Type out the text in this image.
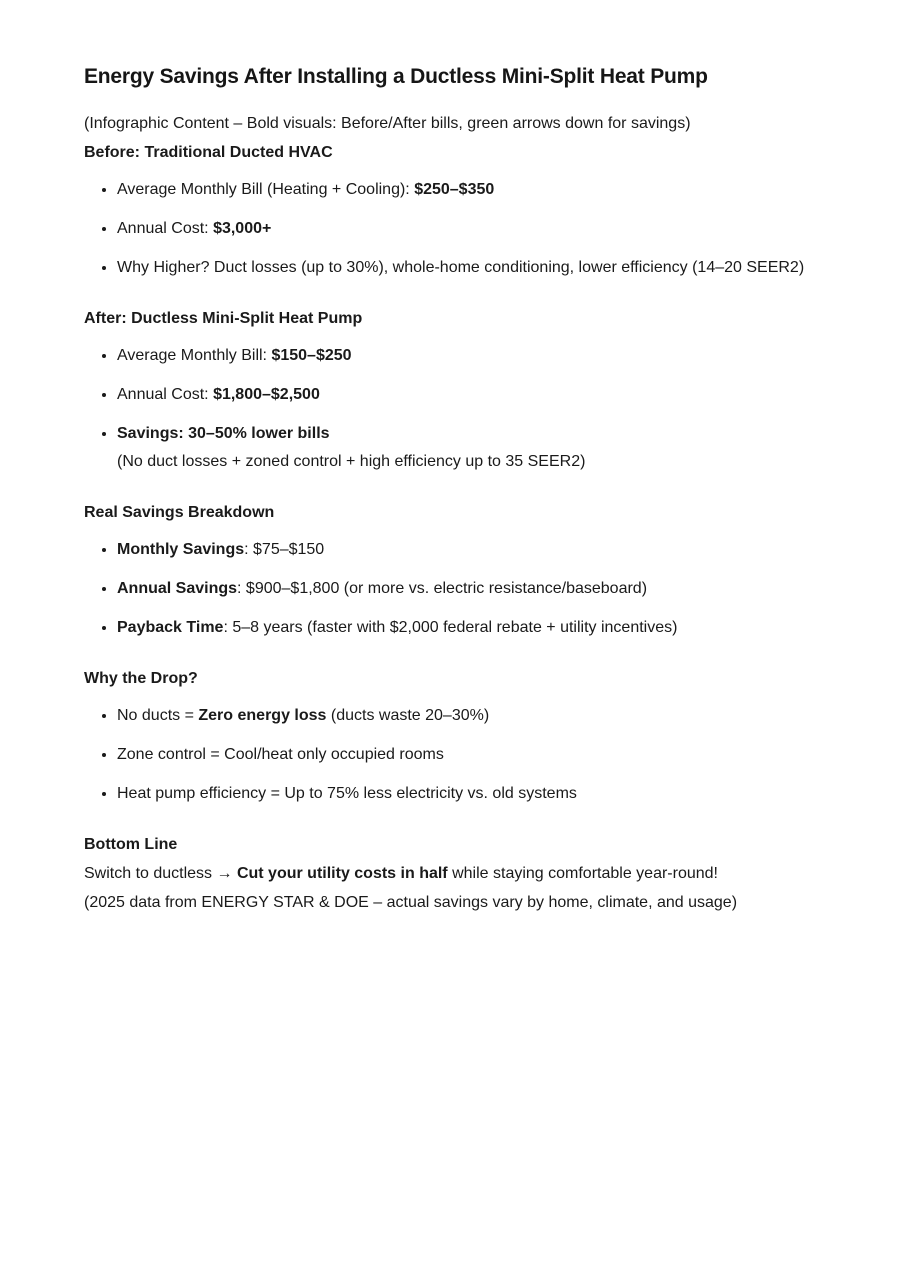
Energy Savings After Installing a Ductless Mini-Split Heat Pump

(Infographic Content – Bold visuals: Before/After bills, green arrows down for savings)
Before: Traditional Ducted HVAC

• Average Monthly Bill (Heating + Cooling): $250–$350
• Annual Cost: $3,000+
• Why Higher? Duct losses (up to 30%), whole-home conditioning, lower efficiency (14–20 SEER2)

After: Ductless Mini-Split Heat Pump

• Average Monthly Bill: $150–$250
• Annual Cost: $1,800–$2,500
• Savings: 30–50% lower bills
(No duct losses + zoned control + high efficiency up to 35 SEER2)

Real Savings Breakdown

• Monthly Savings: $75–$150
• Annual Savings: $900–$1,800 (or more vs. electric resistance/baseboard)
• Payback Time: 5–8 years (faster with $2,000 federal rebate + utility incentives)

Why the Drop?

• No ducts = Zero energy loss (ducts waste 20–30%)
• Zone control = Cool/heat only occupied rooms
• Heat pump efficiency = Up to 75% less electricity vs. old systems

Bottom Line
Switch to ductless → Cut your utility costs in half while staying comfortable year-round!
(2025 data from ENERGY STAR & DOE – actual savings vary by home, climate, and usage)
